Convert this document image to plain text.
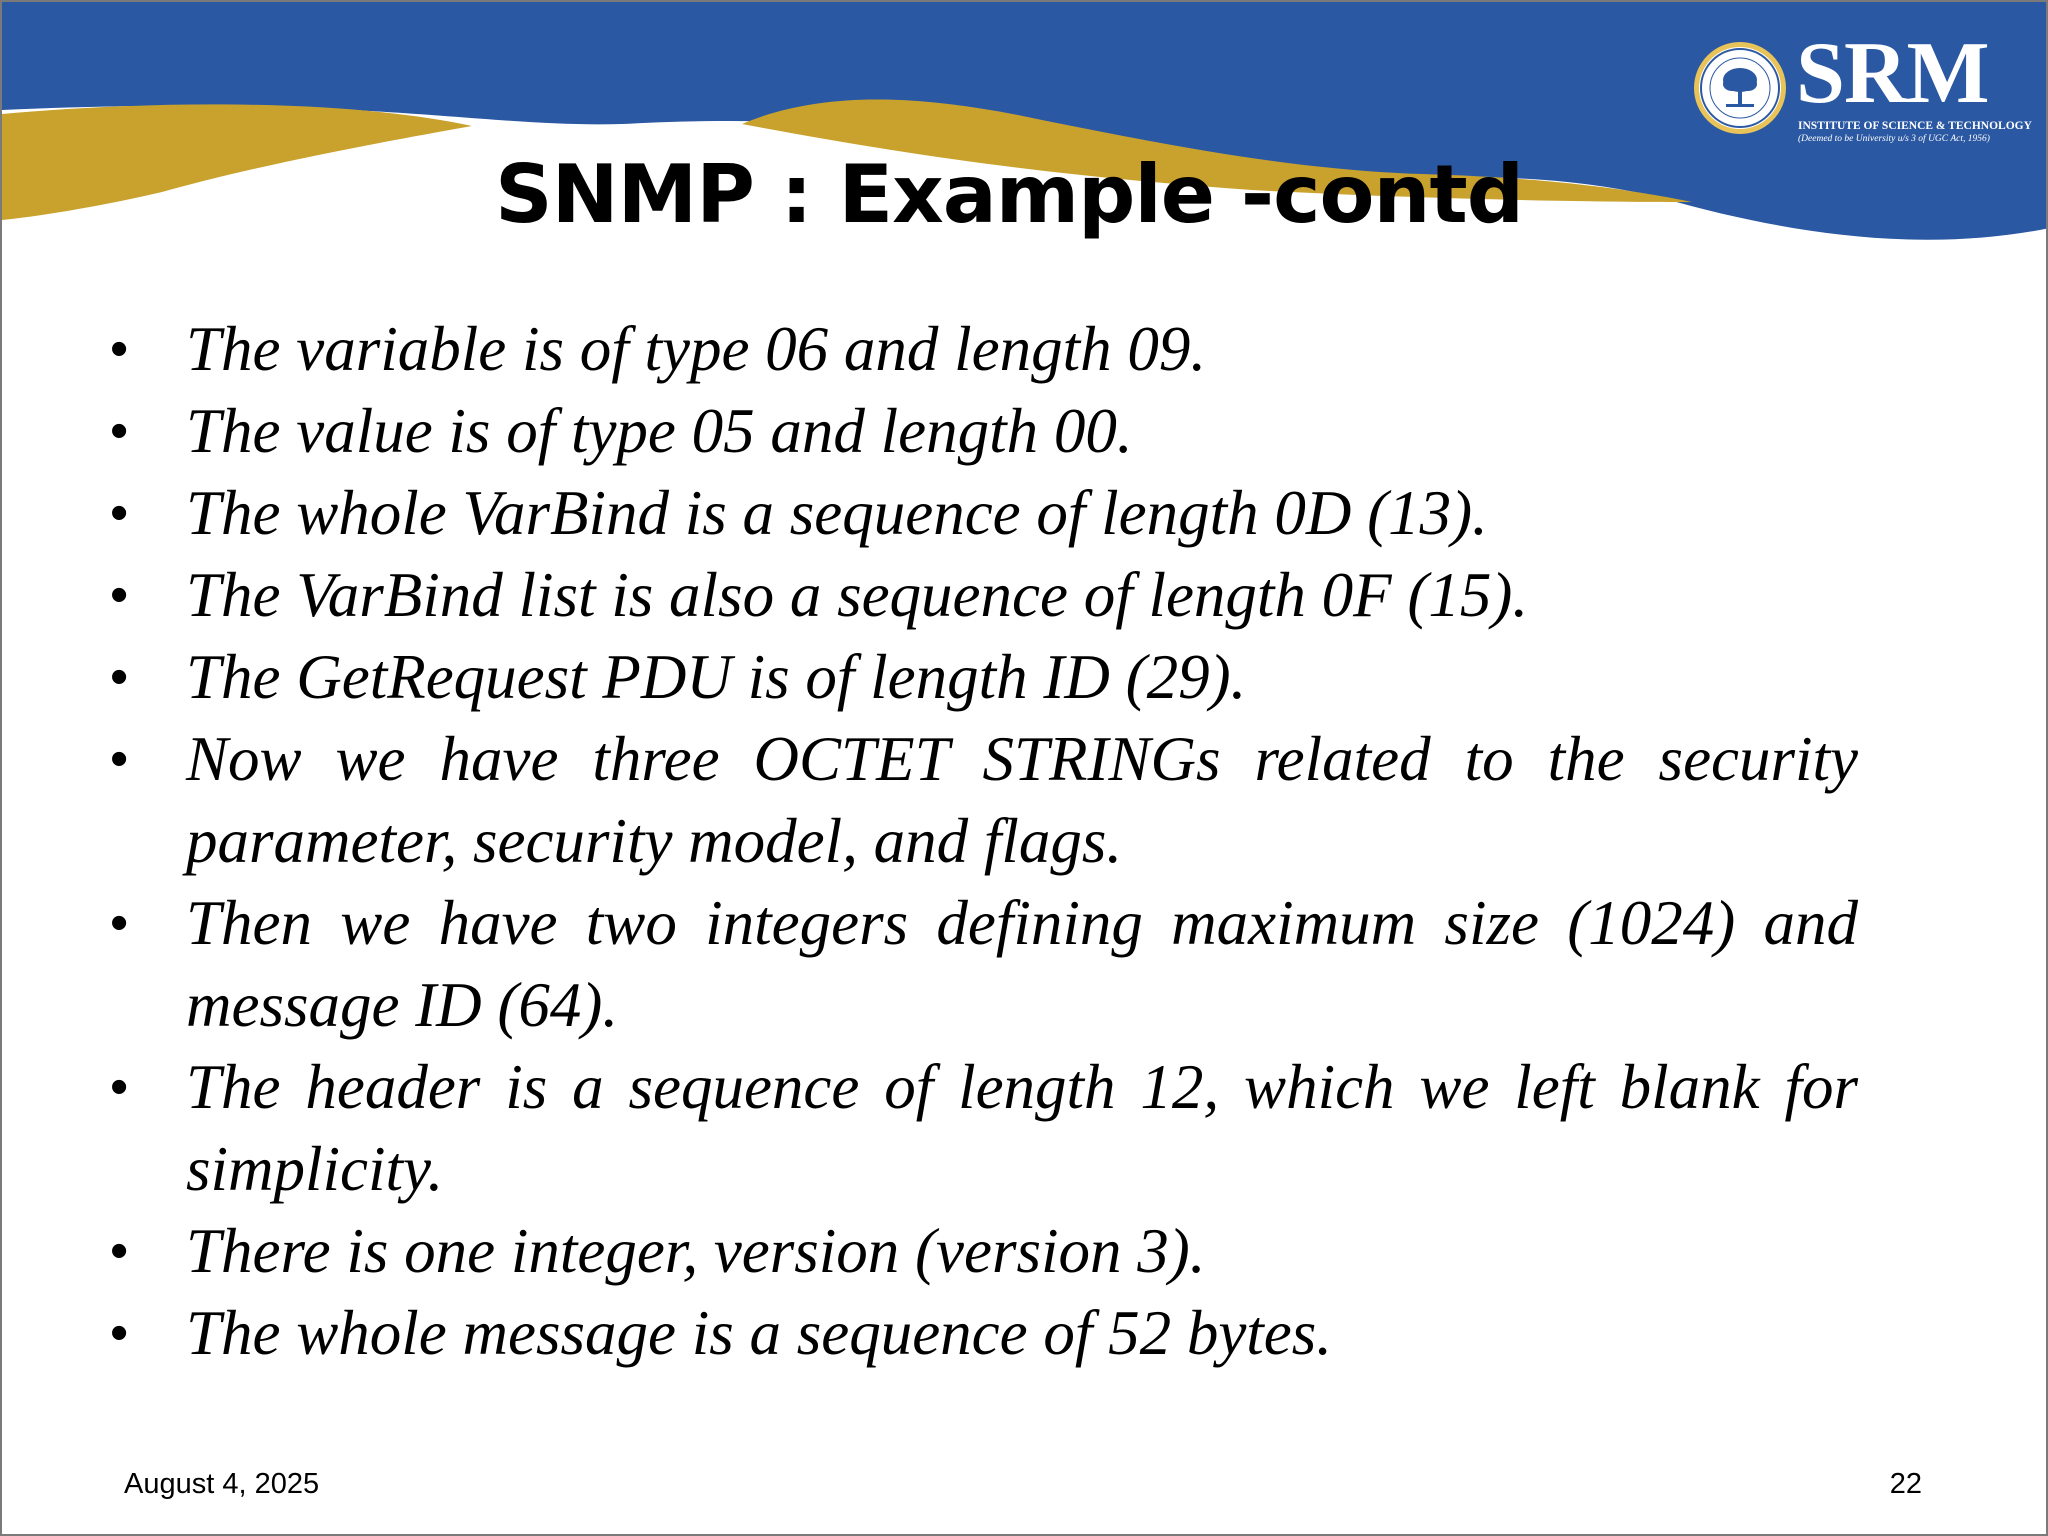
SRM
INSTITUTE OF SCIENCE & TECHNOLOGY
(Deemed to be University u/s 3 of UGC Act, 1956)
SNMP : Example -contd
• The variable is of type 06 and length 09.
• The value is of type 05 and length 00.
• The whole VarBind is a sequence of length 0D (13).
• The VarBind list is also a sequence of length 0F (15).
• The GetRequest PDU is of length ID (29).
• Now we have three OCTET STRINGs related to the security parameter, security model, and flags.
• Then we have two integers defining maximum size (1024) and message ID (64).
• The header is a sequence of length 12, which we left blank for simplicity.
• There is one integer, version (version 3).
• The whole message is a sequence of 52 bytes.
August 4, 2025	22
